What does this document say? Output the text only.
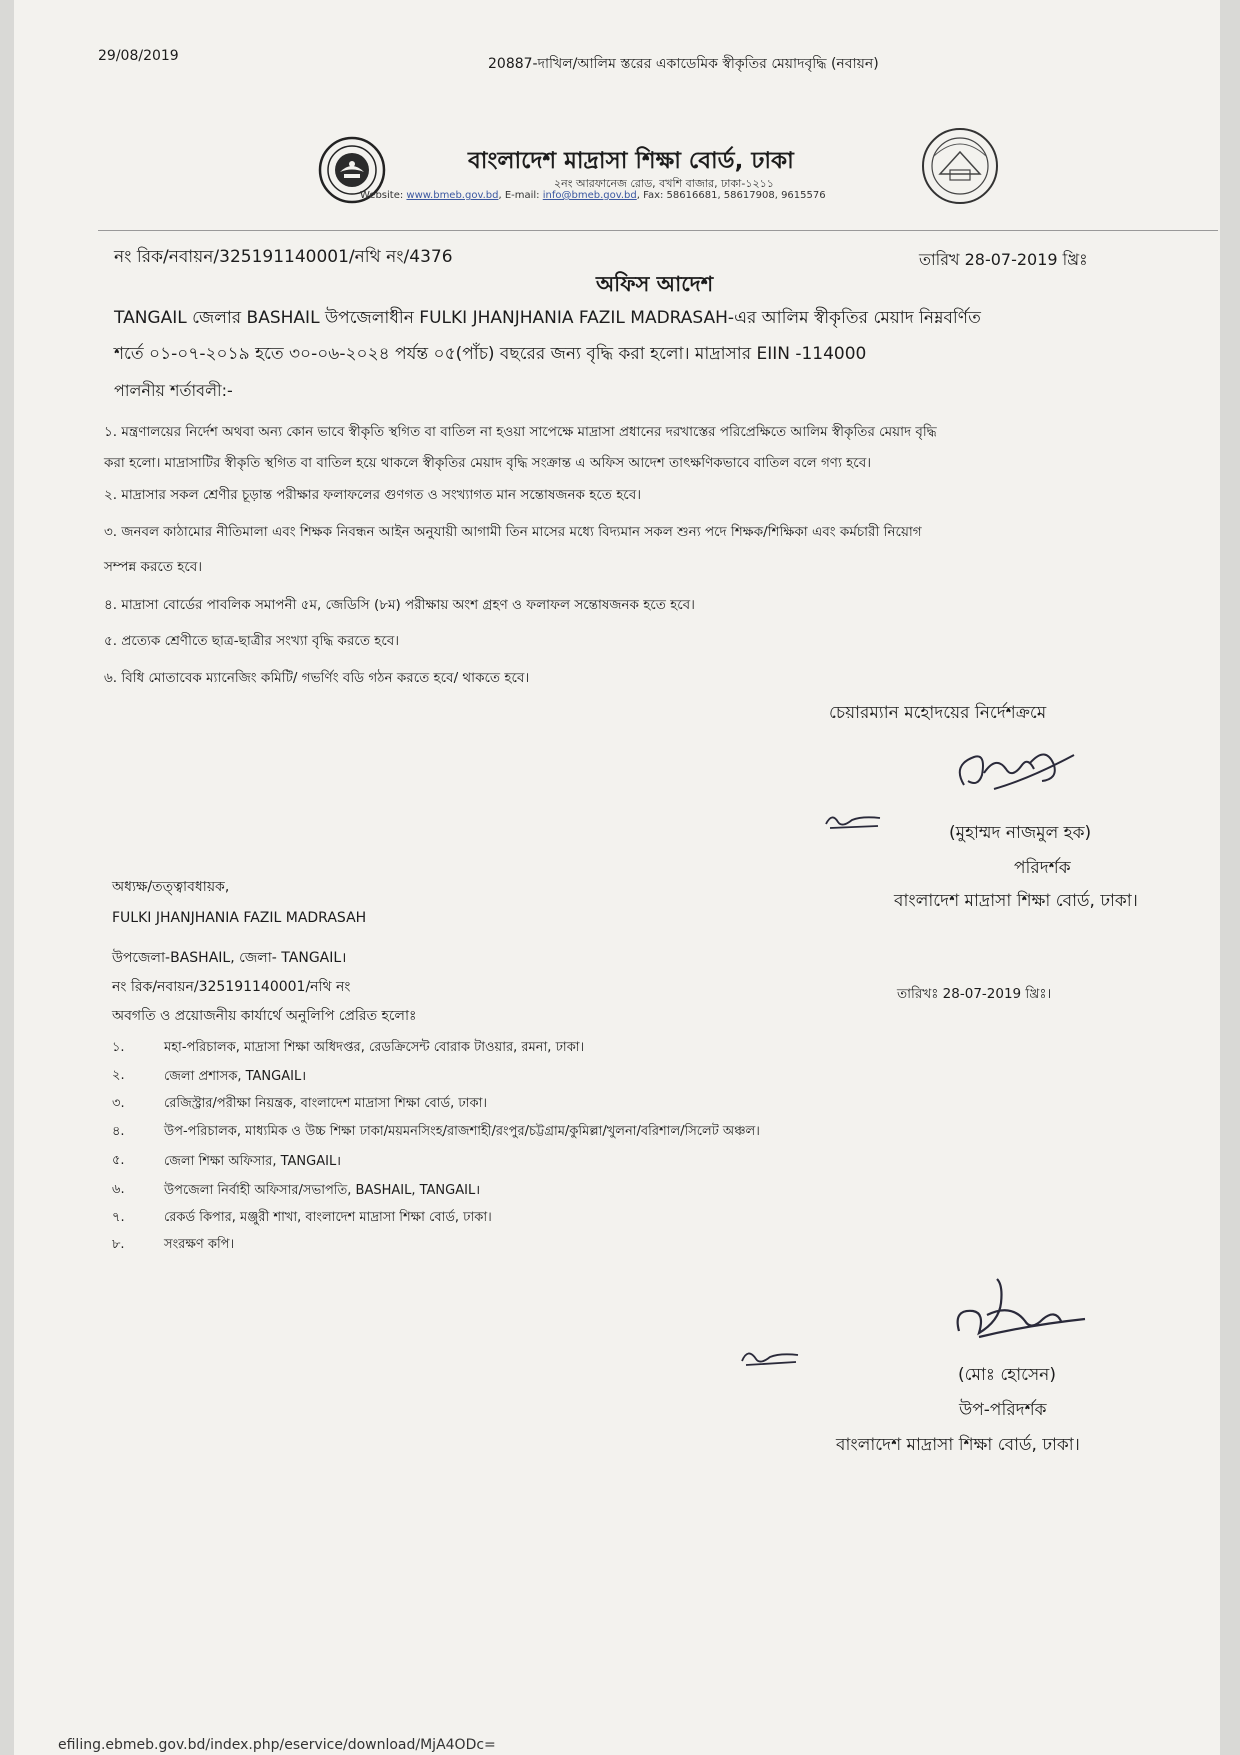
29/08/2019	20887-দাখিল/আলিম স্তরের একাডেমিক স্বীকৃতির মেয়াদবৃদ্ধি (নবায়ন)
বাংলাদেশ মাদ্রাসা শিক্ষা বোর্ড, ঢাকা
২নং আরফানেজ রোড, বখশি বাজার, ঢাকা-১২১১
Website: www.bmeb.gov.bd, E-mail: info@bmeb.gov.bd, Fax: 58616681, 58617908, 9615576
নং রিক/নবায়ন/325191140001/নথি নং/4376	তারিখ 28-07-2019 খ্রিঃ
অফিস আদেশ
TANGAIL জেলার BASHAIL উপজেলাধীন FULKI JHANJHANIA FAZIL MADRASAH-এর আলিম স্বীকৃতির মেয়াদ নিম্নবর্ণিত
শর্তে ০১-০৭-২০১৯ হতে ৩০-০৬-২০২৪ পর্যন্ত ০৫(পাঁচ) বছরের জন্য বৃদ্ধি করা হলো। মাদ্রাসার EIIN -114000
পালনীয় শর্তাবলী:-
১. মন্ত্রণালয়ের নির্দেশ অথবা অন্য কোন ভাবে স্বীকৃতি স্থগিত বা বাতিল না হওয়া সাপেক্ষে মাদ্রাসা প্রধানের দরখাস্তের পরিপ্রেক্ষিতে আলিম স্বীকৃতির মেয়াদ বৃদ্ধি
করা হলো। মাদ্রাসাটির স্বীকৃতি স্থগিত বা বাতিল হয়ে থাকলে স্বীকৃতির মেয়াদ বৃদ্ধি সংক্রান্ত এ অফিস আদেশ তাৎক্ষণিকভাবে বাতিল বলে গণ্য হবে।
২. মাদ্রাসার সকল শ্রেণীর চূড়ান্ত পরীক্ষার ফলাফলের গুণগত ও সংখ্যাগত মান সন্তোষজনক হতে হবে।
৩. জনবল কাঠামোর নীতিমালা এবং শিক্ষক নিবন্ধন আইন অনুযায়ী আগামী তিন মাসের মধ্যে বিদ্যমান সকল শুন্য পদে শিক্ষক/শিক্ষিকা এবং কর্মচারী নিয়োগ
সম্পন্ন করতে হবে।
৪. মাদ্রাসা বোর্ডের পাবলিক সমাপনী ৫ম, জেডিসি (৮ম) পরীক্ষায় অংশ গ্রহণ ও ফলাফল সন্তোষজনক হতে হবে।
৫. প্রত্যেক শ্রেণীতে ছাত্র-ছাত্রীর সংখ্যা বৃদ্ধি করতে হবে।
৬. বিধি মোতাবেক ম্যানেজিং কমিটি/ গভর্ণিং বডি গঠন করতে হবে/ থাকতে হবে।
চেয়ারম্যান মহোদয়ের নির্দেশক্রমে
(মুহাম্মদ নাজমুল হক)
পরিদর্শক
বাংলাদেশ মাদ্রাসা শিক্ষা বোর্ড, ঢাকা।
অধ্যক্ষ/তত্ত্বাবধায়ক,
FULKI JHANJHANIA FAZIL MADRASAH
উপজেলা-BASHAIL, জেলা- TANGAIL।
নং রিক/নবায়ন/325191140001/নথি নং
অবগতি ও প্রয়োজনীয় কার্যার্থে অনুলিপি প্রেরিত হলোঃ
তারিখঃ 28-07-2019 খ্রিঃ।
১.	মহা-পরিচালক, মাদ্রাসা শিক্ষা অধিদপ্তর, রেডক্রিসেন্ট বোরাক টাওয়ার, রমনা, ঢাকা।
২.	জেলা প্রশাসক, TANGAIL।
৩.	রেজিস্ট্রার/পরীক্ষা নিয়ন্ত্রক, বাংলাদেশ মাদ্রাসা শিক্ষা বোর্ড, ঢাকা।
৪.	উপ-পরিচালক, মাধ্যমিক ও উচ্চ শিক্ষা ঢাকা/ময়মনসিংহ/রাজশাহী/রংপুর/চট্টগ্রাম/কুমিল্লা/খুলনা/বরিশাল/সিলেট অঞ্চল।
৫.	জেলা শিক্ষা অফিসার, TANGAIL।
৬.	উপজেলা নির্বাহী অফিসার/সভাপতি, BASHAIL, TANGAIL।
৭.	রেকর্ড কিপার, মঞ্জুরী শাখা, বাংলাদেশ মাদ্রাসা শিক্ষা বোর্ড, ঢাকা।
৮.	সংরক্ষণ কপি।
(মোঃ হোসেন)
উপ-পরিদর্শক
বাংলাদেশ মাদ্রাসা শিক্ষা বোর্ড, ঢাকা।
efiling.ebmeb.gov.bd/index.php/eservice/download/MjA4ODc=
